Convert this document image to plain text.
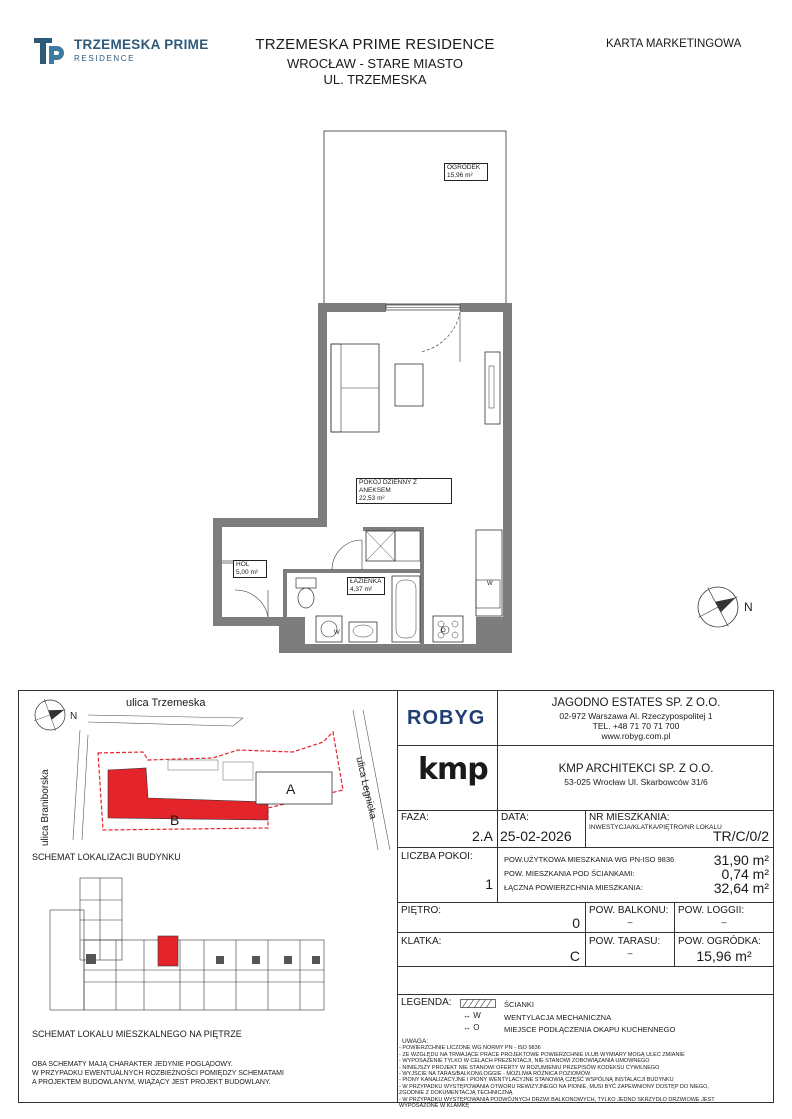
TRZEMESKA PRIME
RESIDENCE
TRZEMESKA PRIME RESIDENCE
WROCŁAW - STARE MIASTO
UL. TRZEMESKA
KARTA MARKETINGOWA
W
W
O
N
OGRÓDEK
15,96 m²
POKÓJ DZIENNY Z ANEKSEM
22,53 m²
HOL
5,00 m²
ŁAZIENKA
4,37 m²
N
ulica Trzemeska
ulica Braniborska	ulica Legnicka
A
B
SCHEMAT LOKALIZACJI BUDYNKU
SCHEMAT LOKALU MIESZKALNEGO NA PIĘTRZE
OBA SCHEMATY MAJĄ CHARAKTER JEDYNIE POGLĄDOWY.
W PRZYPADKU EWENTUALNYCH ROZBIEŻNOŚCI POMIĘDZY SCHEMATAMI
A PROJEKTEM BUDOWLANYM, WIĄŻĄCY JEST PROJEKT BUDOWLANY.
ROBYG
JAGODNO ESTATES SP. Z O.O.
02-972 Warszawa Al. Rzeczypospolitej 1
TEL. +48 71 70 71 700
www.robyg.com.pl
kmp	KMP ARCHITEKCI SP. Z O.O.
53-025 Wrocław Ul. Skarbowców 31/6
FAZA:
2.A
DATA:
25-02-2026
NR MIESZKANIA:
INWESTYCJA/KLATKA/PIĘTRO/NR LOKALU
TR/C/0/2
LICZBA POKOI:
1
POW.UŻYTKOWA MIESZKANIA WG PN-ISO 9836	31,90 m²
POW. MIESZKANIA POD ŚCIANKAMI:	0,74 m²
ŁĄCZNA POWIERZCHNIA MIESZKANIA:	32,64 m²
PIĘTRO:
0
POW. BALKONU:
–
POW. LOGGII:
–
KLATKA:
C
POW. TARASU:
–
POW. OGRÓDKA:
15,96 m²
LEGENDA:	ŚCIANKI
↔ W	WENTYLACJA MECHANICZNA
↔ O	MIEJSCE PODŁĄCZENIA OKAPU KUCHENNEGO
UWAGA:
- POWIERZCHNIE LICZONE WG NORMY PN - ISO 9836
- ZE WZGLĘDU NA TRWAJĄCE PRACE PROJEKTOWE POWIERZCHNIE I/LUB WYMIARY MOGĄ ULEC ZMIANIE
- WYPOSAŻENIE TYLKO W CELACH PREZENTACJI, NIE STANOWI ZOBOWIĄZANIA UMOWNEGO
- NINIEJSZY PROJEKT NIE STANOWI OFERTY W ROZUMIENIU PRZEPISÓW KODEKSU CYWILNEGO
- WYJŚCIE NA TARAS/BALKON/LOGGIE - MOŻLIWA RÓŻNICA POZIOMÓW
- PIONY KANALIZACYJNE I PIONY WENTYLACYJNE STANOWIĄ CZĘŚĆ WSPÓLNĄ INSTALACJI BUDYNKU
- W PRZYPADKU WYSTĘPOWANIA OTWORU REWIZYJNEGO NA PIONIE, MUSI BYĆ ZAPEWNIONY DOSTĘP DO NIEGO, ZGODNIE Z DOKUMENTACJĄ TECHNICZNĄ
- W PRZYPADKU WYSTĘPOWANIA PODWÓJNYCH DRZWI BALKONOWYCH, TYLKO JEDNO SKRZYDŁO DRZWIOWE JEST WYPOSAŻONE W KLAMKĘ
